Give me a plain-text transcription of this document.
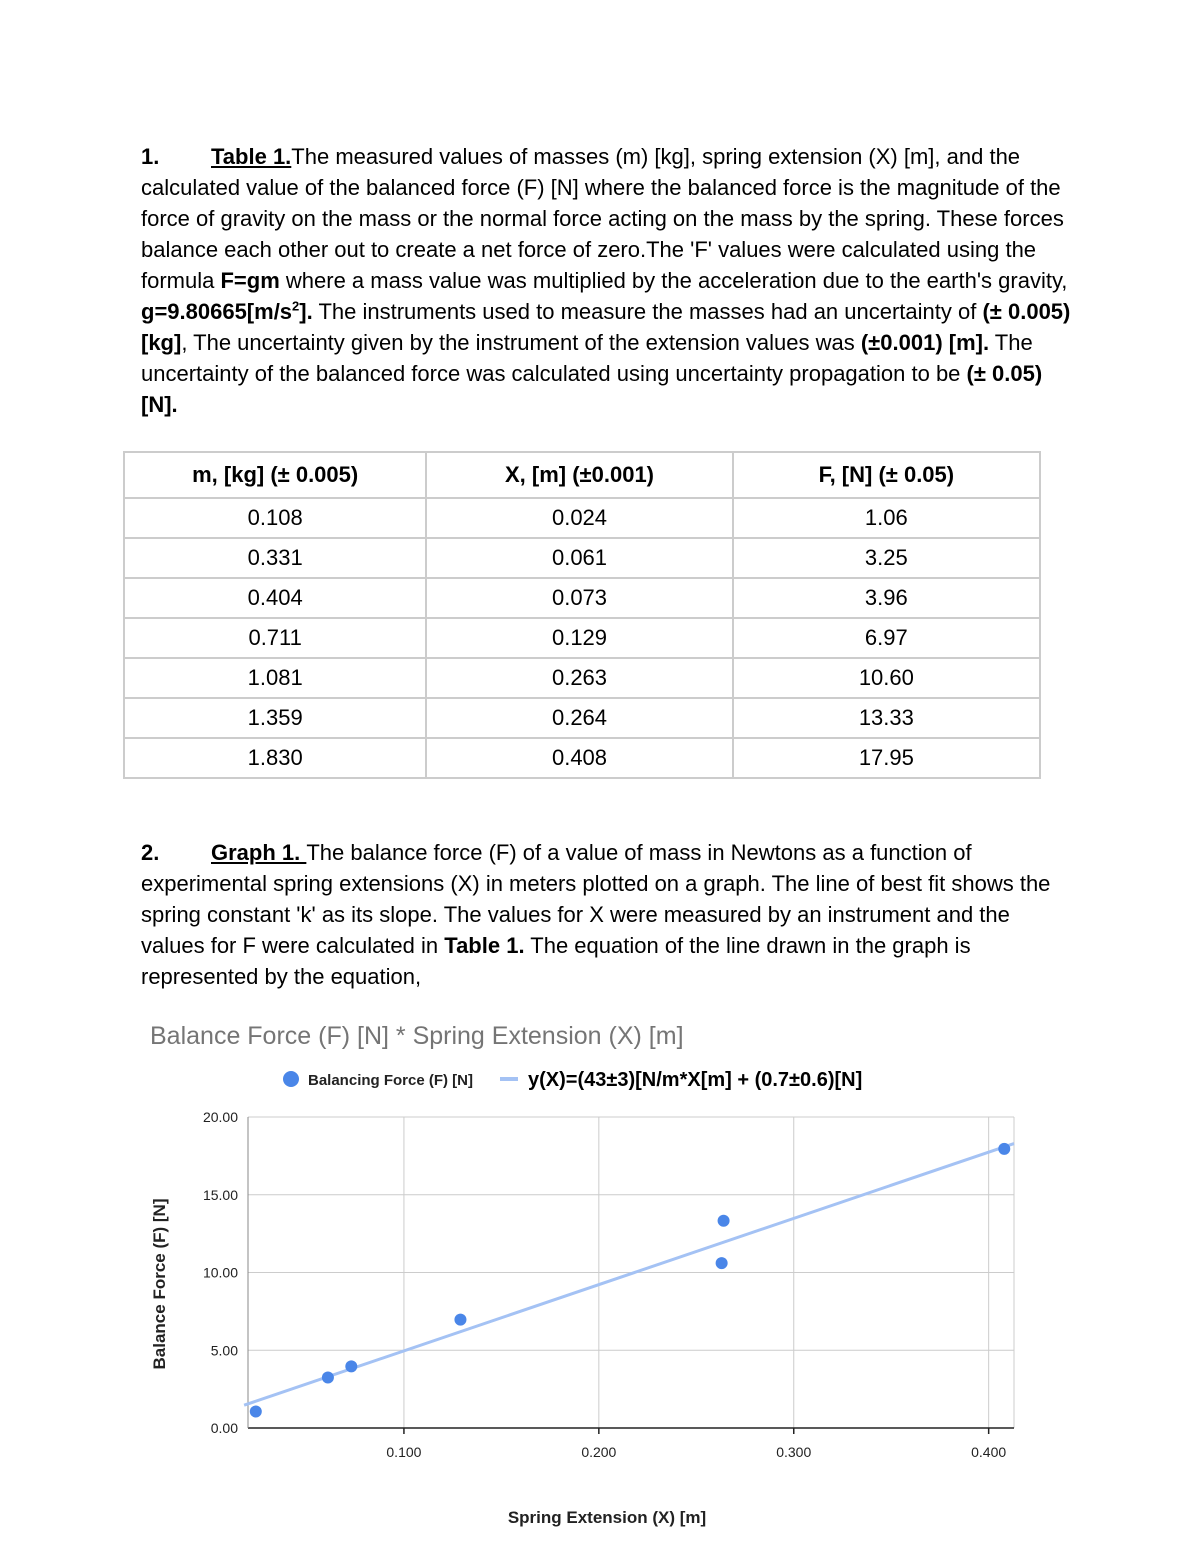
1. Table 1.The measured values of masses (m) [kg], spring extension (X) [m], and the calculated value of the balanced force (F) [N] where the balanced force is the magnitude of the force of gravity on the mass or the normal force acting on the mass by the spring. These forces balance each other out to create a net force of zero.The 'F' values were calculated using the formula F=gm where a mass value was multiplied by the acceleration due to the earth's gravity, $g=9.80665[m/s^2]$. The instruments used to measure the masses had an uncertainty of (± 0.005)[kg], The uncertainty given by the instrument of the extension values was (±0.001) [m]. The uncertainty of the balanced force was calculated using uncertainty propagation to be (± 0.05) [N].
m, [kg] (± 0.005)	X, [m] (±0.001)	F, [N] (± 0.05)
0.108	0.024	1.06
0.331	0.061	3.25
0.404	0.073	3.96
0.711	0.129	6.97
1.081	0.263	10.60
1.359	0.264	13.33
1.830	0.408	17.95
2. Graph 1. The balance force (F) of a value of mass in Newtons as a function of experimental spring extensions (X) in meters plotted on a graph. The line of best fit shows the spring constant 'k' as its slope. The values for X were measured by an instrument and the values for F were calculated in Table 1. The equation of the line drawn in the graph is represented by the equation,
Balance Force (F) [N] * Spring Extension (X) [m]
Balancing Force (F) [N]	y(X)=(43±3)[N/m*X[m] + (0.7±0.6)[N]
0.00
5.00
10.00
15.00
20.00
0.100	0.200	0.300	0.400
Spring Extension (X) [m]
Balance Force (F) [N]
